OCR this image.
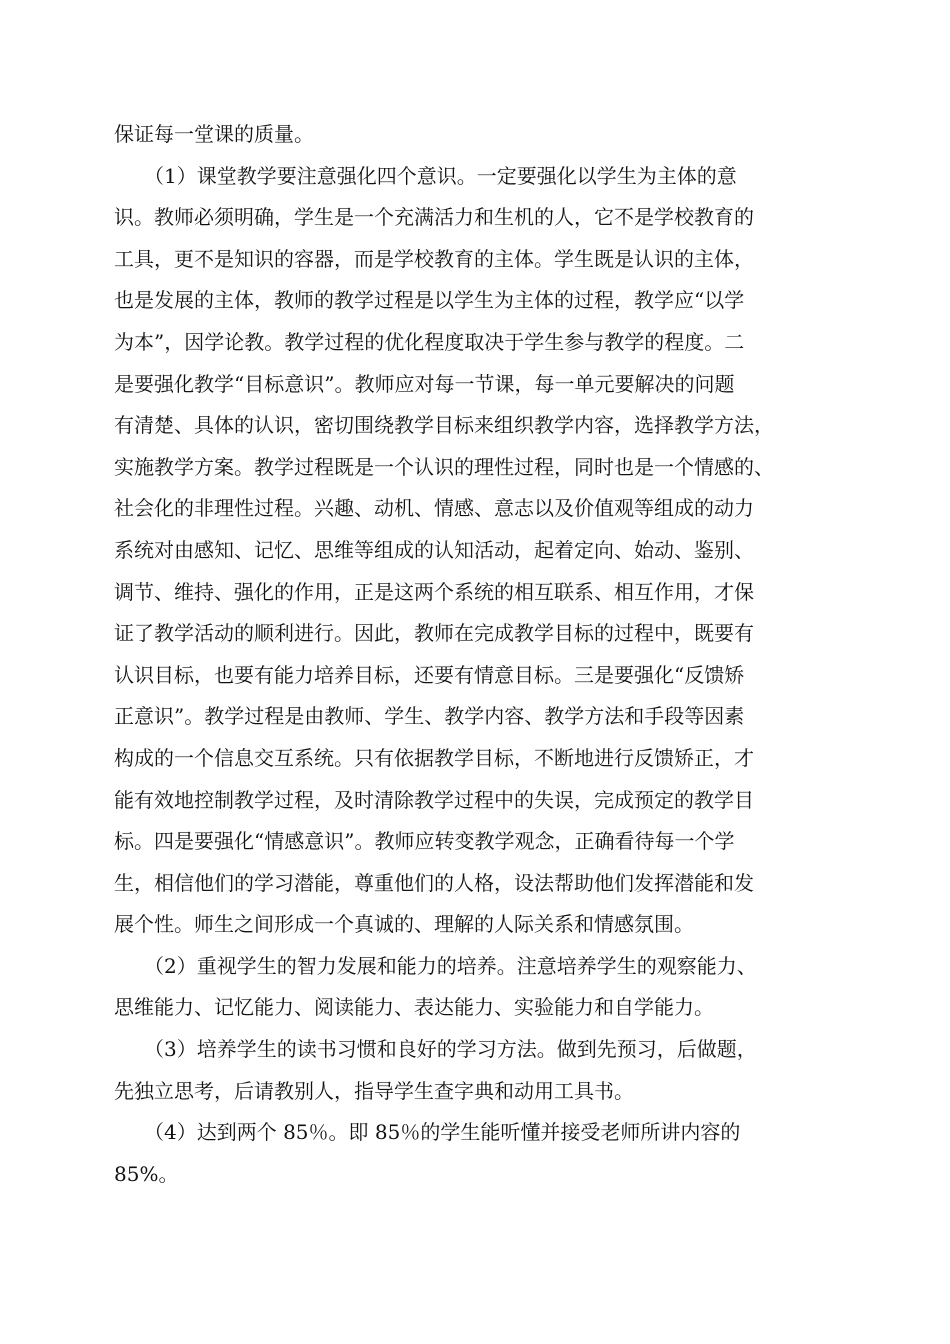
保证每一堂课的质量。
　　（1）课堂教学要注意强化四个意识。一定要强化以学生为主体的意
识。教师必须明确，学生是一个充满活力和生机的人，它不是学校教育的
工具，更不是知识的容器，而是学校教育的主体。学生既是认识的主体，
也是发展的主体，教师的教学过程是以学生为主体的过程，教学应“以学
为本”，因学论教。教学过程的优化程度取决于学生参与教学的程度。二
是要强化教学“目标意识”。教师应对每一节课，每一单元要解决的问题
有清楚、具体的认识，密切围绕教学目标来组织教学内容，选择教学方法，
实施教学方案。教学过程既是一个认识的理性过程，同时也是一个情感的、
社会化的非理性过程。兴趣、动机、情感、意志以及价值观等组成的动力
系统对由感知、记忆、思维等组成的认知活动，起着定向、始动、鉴别、
调节、维持、强化的作用，正是这两个系统的相互联系、相互作用，才保
证了教学活动的顺利进行。因此，教师在完成教学目标的过程中，既要有
认识目标，也要有能力培养目标，还要有情意目标。三是要强化“反馈矫
正意识”。教学过程是由教师、学生、教学内容、教学方法和手段等因素
构成的一个信息交互系统。只有依据教学目标，不断地进行反馈矫正，才
能有效地控制教学过程，及时清除教学过程中的失误，完成预定的教学目
标。四是要强化“情感意识”。教师应转变教学观念，正确看待每一个学
生，相信他们的学习潜能，尊重他们的人格，设法帮助他们发挥潜能和发
展个性。师生之间形成一个真诚的、理解的人际关系和情感氛围。
　　（2）重视学生的智力发展和能力的培养。注意培养学生的观察能力、
思维能力、记忆能力、阅读能力、表达能力、实验能力和自学能力。
　　（3）培养学生的读书习惯和良好的学习方法。做到先预习，后做题，
先独立思考，后请教别人，指导学生查字典和动用工具书。
　　（4）达到两个 85％。即 85％的学生能听懂并接受老师所讲内容的
85%。
